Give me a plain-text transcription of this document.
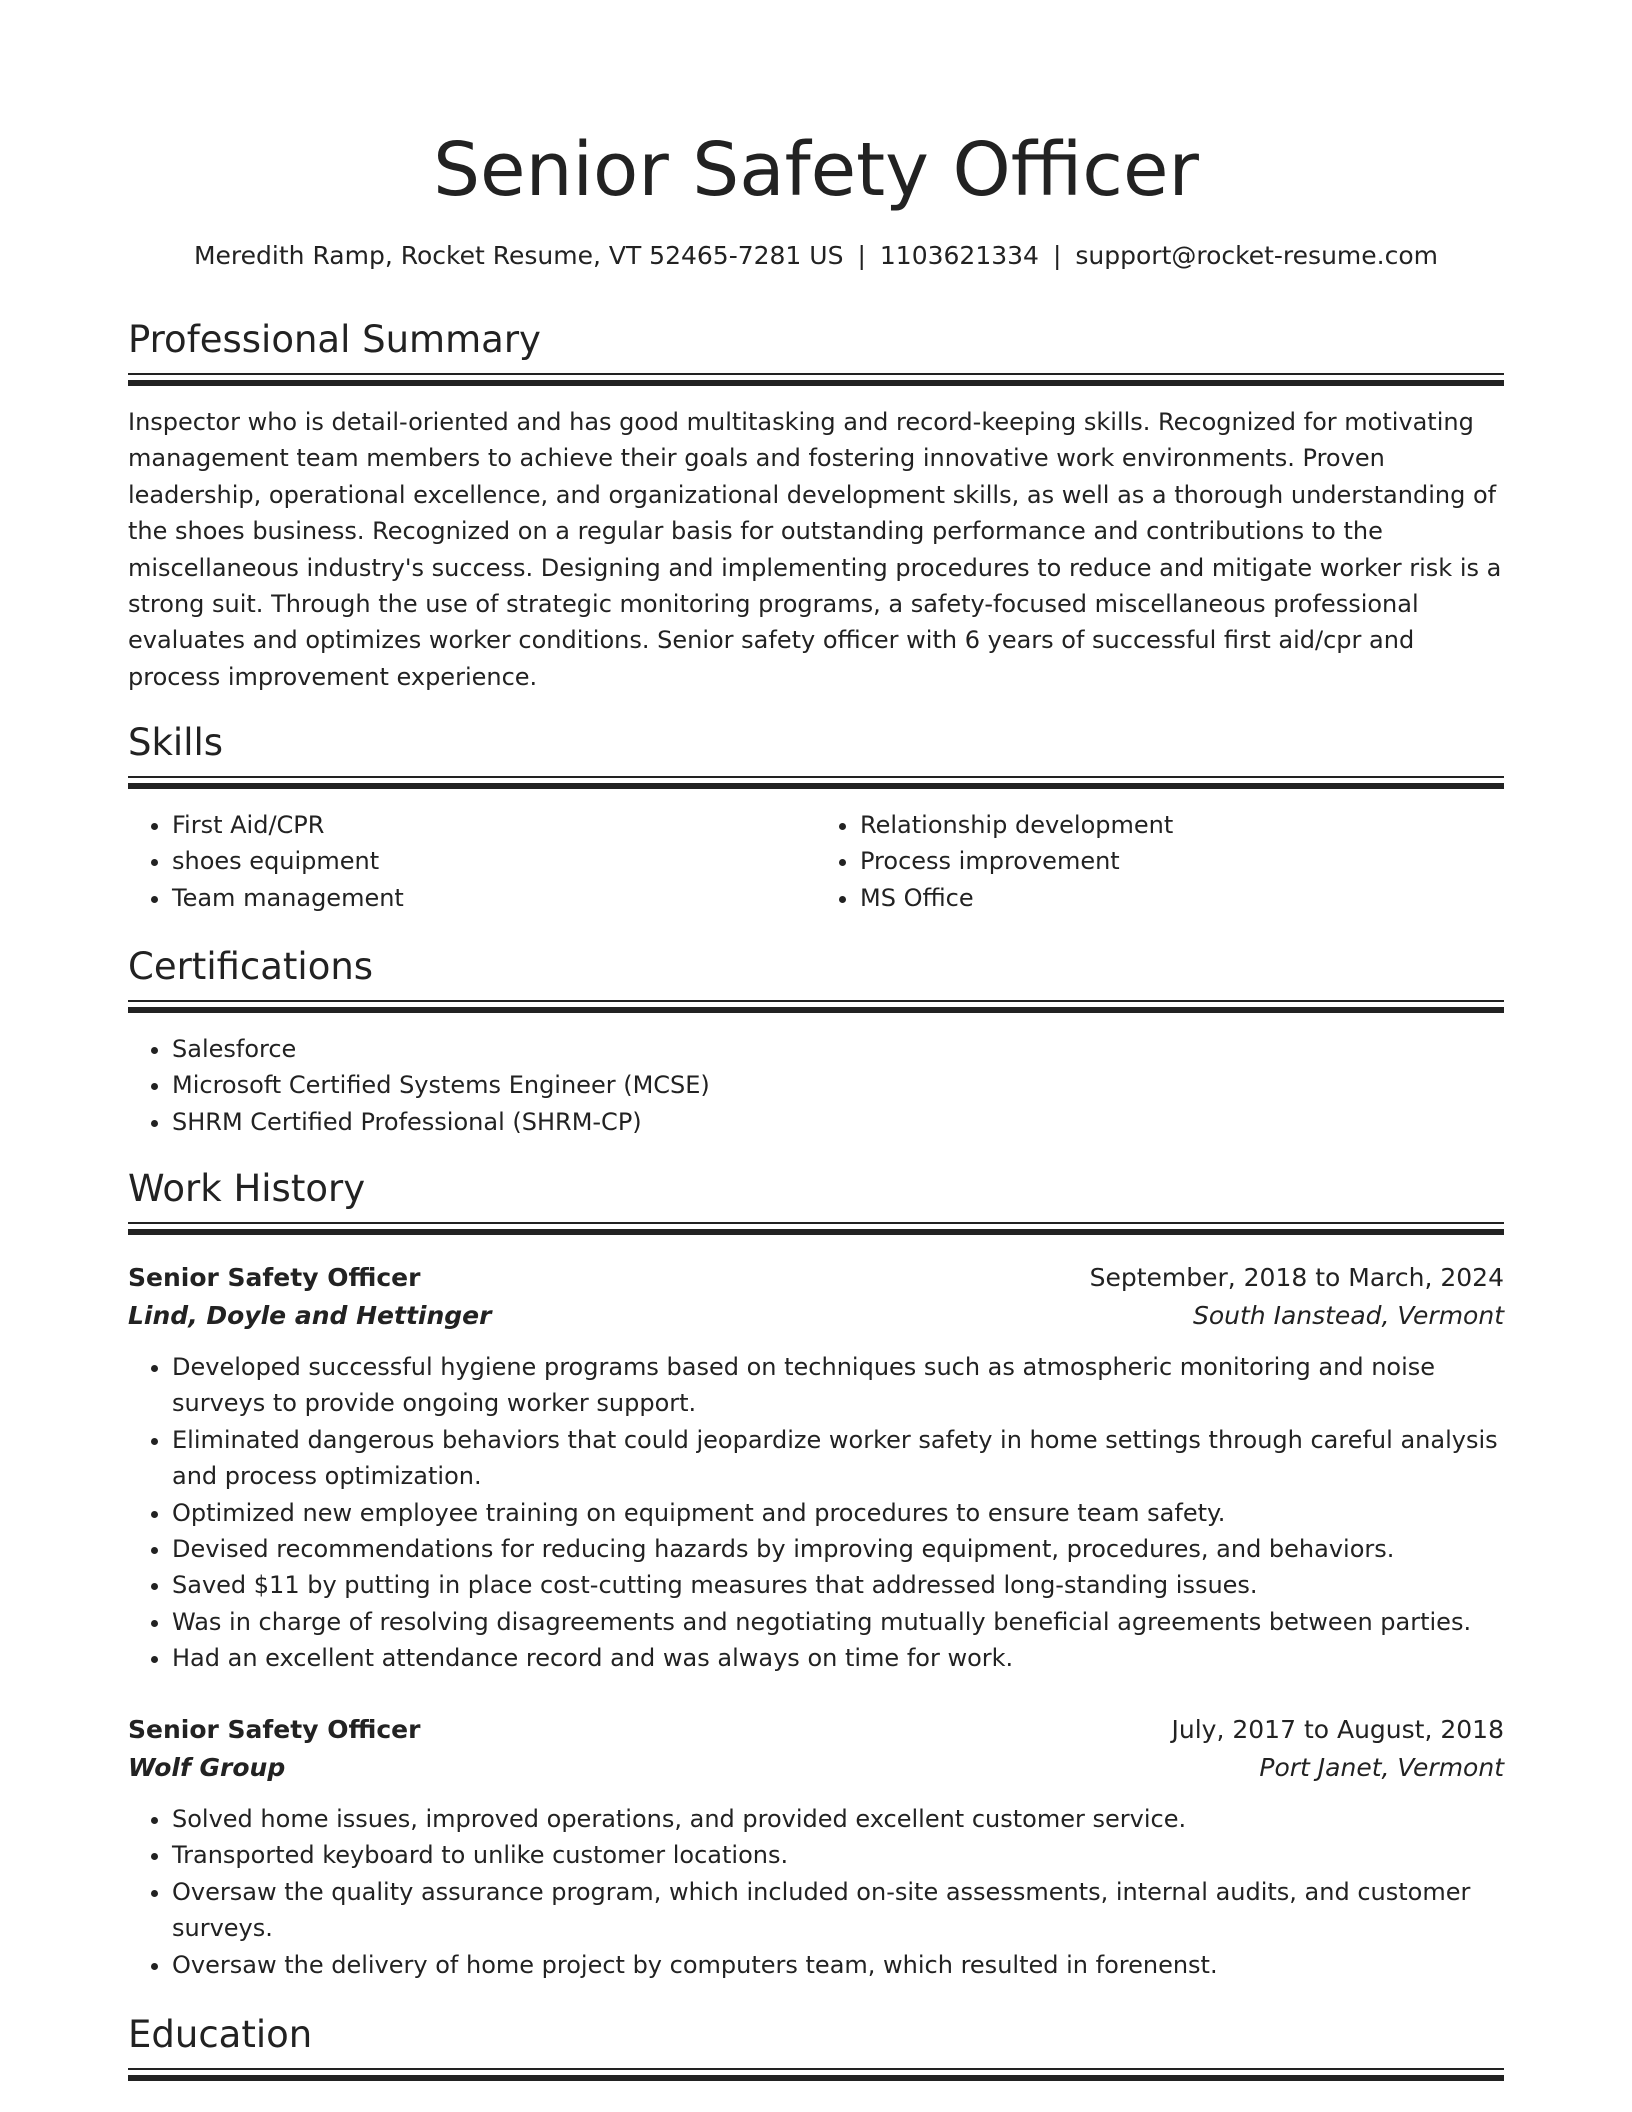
Senior Safety Officer
Meredith Ramp, Rocket Resume, VT 52465-7281 US | 1103621334 | support@rocket-resume.com
Professional Summary

Inspector who is detail-oriented and has good multitasking and record-keeping skills. Recognized for motivating management team members to achieve their goals and fostering innovative work environments. Proven leadership, operational excellence, and organizational development skills, as well as a thorough understanding of the shoes business. Recognized on a regular basis for outstanding performance and contributions to the miscellaneous industry's success. Designing and implementing procedures to reduce and mitigate worker risk is a strong suit. Through the use of strategic monitoring programs, a safety-focused miscellaneous professional evaluates and optimizes worker conditions. Senior safety officer with 6 years of successful first aid/cpr and process improvement experience.

Skills
• First Aid/CPR
• shoes equipment
• Team management
• Relationship development
• Process improvement
• MS Office
Certifications
• Salesforce
• Microsoft Certified Systems Engineer (MCSE)
• SHRM Certified Professional (SHRM-CP)
Work History
Senior Safety Officer	September, 2018 to March, 2024
Lind, Doyle and Hettinger	South Ianstead, Vermont
• Developed successful hygiene programs based on techniques such as atmospheric monitoring and noise surveys to provide ongoing worker support.
• Eliminated dangerous behaviors that could jeopardize worker safety in home settings through careful analysis and process optimization.
• Optimized new employee training on equipment and procedures to ensure team safety.
• Devised recommendations for reducing hazards by improving equipment, procedures, and behaviors.
• Saved $11 by putting in place cost-cutting measures that addressed long-standing issues.
• Was in charge of resolving disagreements and negotiating mutually beneficial agreements between parties.
• Had an excellent attendance record and was always on time for work.
Senior Safety Officer	July, 2017 to August, 2018
Wolf Group	Port Janet, Vermont
• Solved home issues, improved operations, and provided excellent customer service.
• Transported keyboard to unlike customer locations.
• Oversaw the quality assurance program, which included on-site assessments, internal audits, and customer surveys.
• Oversaw the delivery of home project by computers team, which resulted in forenenst.
Education
